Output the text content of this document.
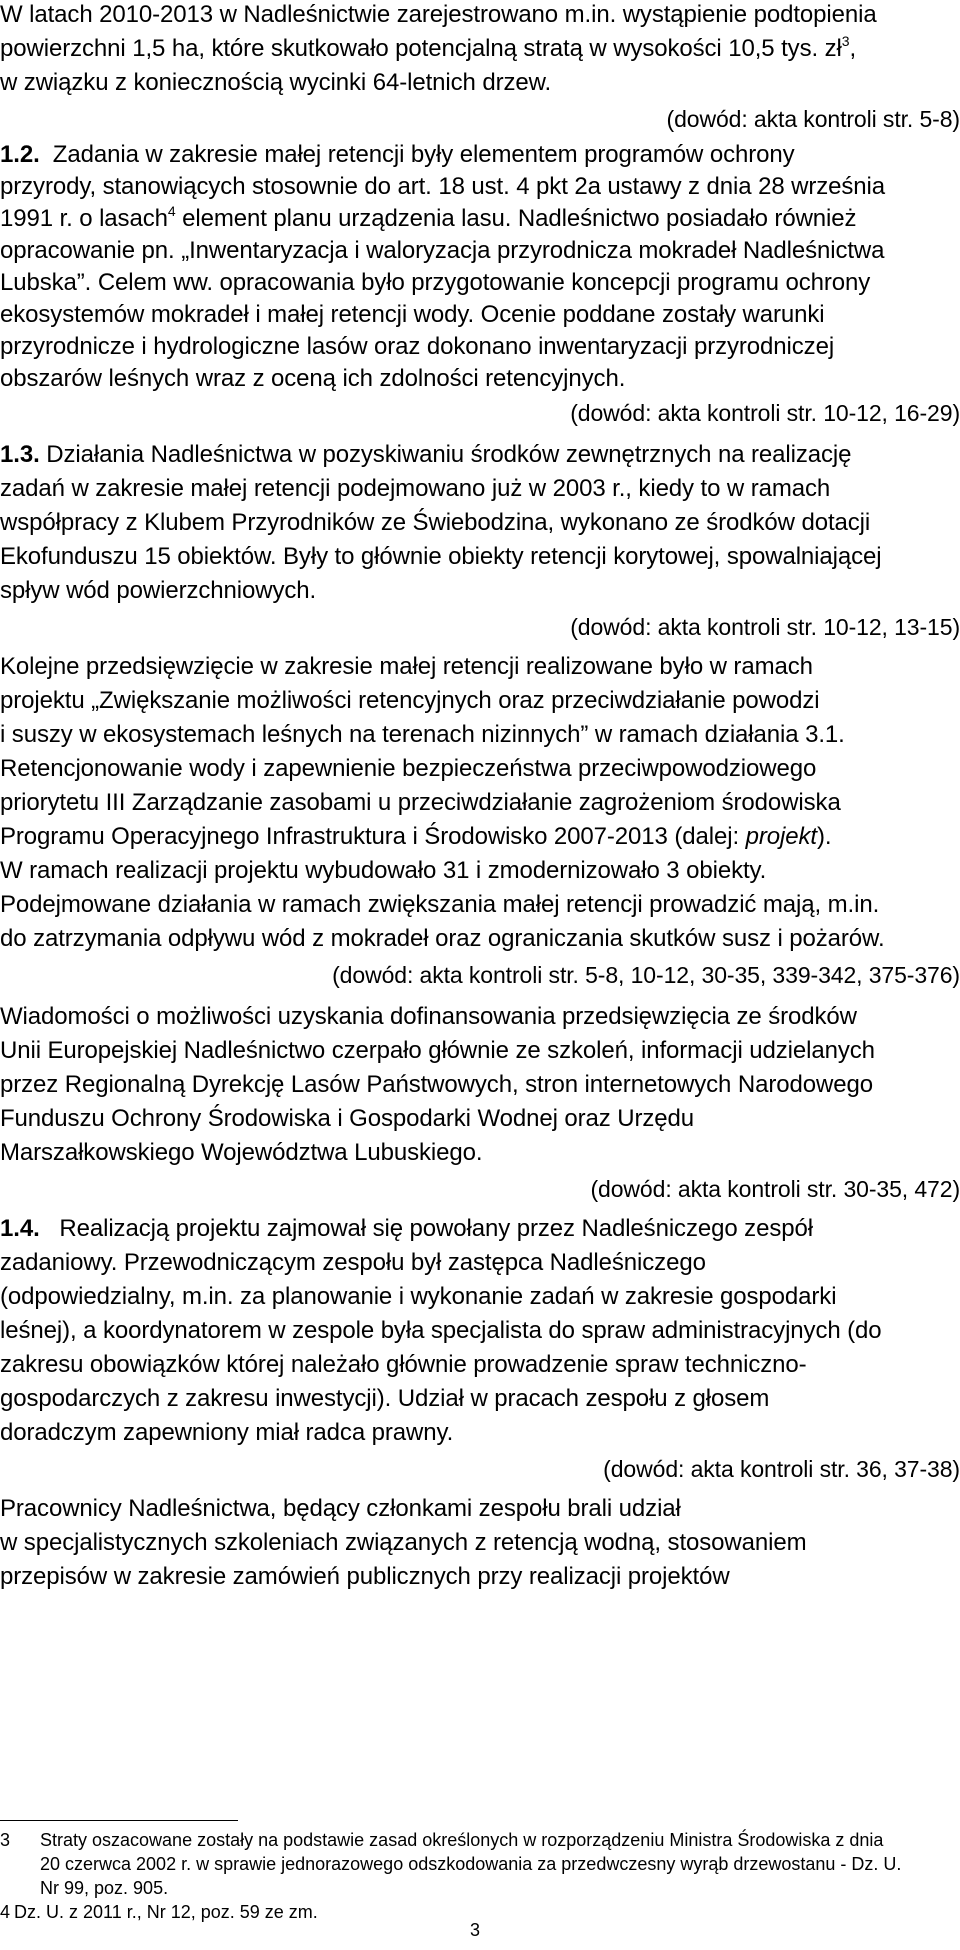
W latach 2010-2013 w Nadleśnictwie zarejestrowano m.in. wystąpienie podtopienia
powierzchni 1,5 ha, które skutkowało potencjalną stratą w wysokości 10,5 tys. $zł^3$,
w związku z koniecznością wycinki 64-letnich drzew.
(dowód: akta kontroli str. 5-8)
1.2. Zadania w zakresie małej retencji były elementem programów ochrony
przyrody, stanowiących stosownie do art. 18 ust. 4 pkt 2a ustawy z dnia 28 września
1991 r. o lasach$^4$ element planu urządzenia lasu. Nadleśnictwo posiadało również
opracowanie pn. „Inwentaryzacja i waloryzacja przyrodnicza mokradeł Nadleśnictwa
Lubska”. Celem ww. opracowania było przygotowanie koncepcji programu ochrony
ekosystemów mokradeł i małej retencji wody. Ocenie poddane zostały warunki
przyrodnicze i hydrologiczne lasów oraz dokonano inwentaryzacji przyrodniczej
obszarów leśnych wraz z oceną ich zdolności retencyjnych.
(dowód: akta kontroli str. 10-12, 16-29)
1.3. Działania Nadleśnictwa w pozyskiwaniu środków zewnętrznych na realizację
zadań w zakresie małej retencji podejmowano już w 2003 r., kiedy to w ramach
współpracy z Klubem Przyrodników ze Świebodzina, wykonano ze środków dotacji
Ekofunduszu 15 obiektów. Były to głównie obiekty retencji korytowej, spowalniającej
spływ wód powierzchniowych.
(dowód: akta kontroli str. 10-12, 13-15)
Kolejne przedsięwzięcie w zakresie małej retencji realizowane było w ramach
projektu „Zwiększanie możliwości retencyjnych oraz przeciwdziałanie powodzi
i suszy w ekosystemach leśnych na terenach nizinnych” w ramach działania 3.1.
Retencjonowanie wody i zapewnienie bezpieczeństwa przeciwpowodziowego
priorytetu III Zarządzanie zasobami u przeciwdziałanie zagrożeniom środowiska
Programu Operacyjnego Infrastruktura i Środowisko 2007-2013 (dalej: projekt).
W ramach realizacji projektu wybudowało 31 i zmodernizowało 3 obiekty.
Podejmowane działania w ramach zwiększania małej retencji prowadzić mają, m.in.
do zatrzymania odpływu wód z mokradeł oraz ograniczania skutków susz i pożarów.
(dowód: akta kontroli str. 5-8, 10-12, 30-35, 339-342, 375-376)
Wiadomości o możliwości uzyskania dofinansowania przedsięwzięcia ze środków
Unii Europejskiej Nadleśnictwo czerpało głównie ze szkoleń, informacji udzielanych
przez Regionalną Dyrekcję Lasów Państwowych, stron internetowych Narodowego
Funduszu Ochrony Środowiska i Gospodarki Wodnej oraz Urzędu
Marszałkowskiego Województwa Lubuskiego.
(dowód: akta kontroli str. 30-35, 472)
1.4. Realizacją projektu zajmował się powołany przez Nadleśniczego zespół
zadaniowy. Przewodniczącym zespołu był zastępca Nadleśniczego
(odpowiedzialny, m.in. za planowanie i wykonanie zadań w zakresie gospodarki
leśnej), a koordynatorem w zespole była specjalista do spraw administracyjnych (do
zakresu obowiązków której należało głównie prowadzenie spraw techniczno-
gospodarczych z zakresu inwestycji). Udział w pracach zespołu z głosem
doradczym zapewniony miał radca prawny.
(dowód: akta kontroli str. 36, 37-38)
Pracownicy Nadleśnictwa, będący członkami zespołu brali udział
w specjalistycznych szkoleniach związanych z retencją wodną, stosowaniem
przepisów w zakresie zamówień publicznych przy realizacji projektów
3 Straty oszacowane zostały na podstawie zasad określonych w rozporządzeniu Ministra Środowiska z dnia
20 czerwca 2002 r. w sprawie jednorazowego odszkodowania za przedwczesny wyrąb drzewostanu - Dz. U.
Nr 99, poz. 905.
4 Dz. U. z 2011 r., Nr 12, poz. 59 ze zm.
3
